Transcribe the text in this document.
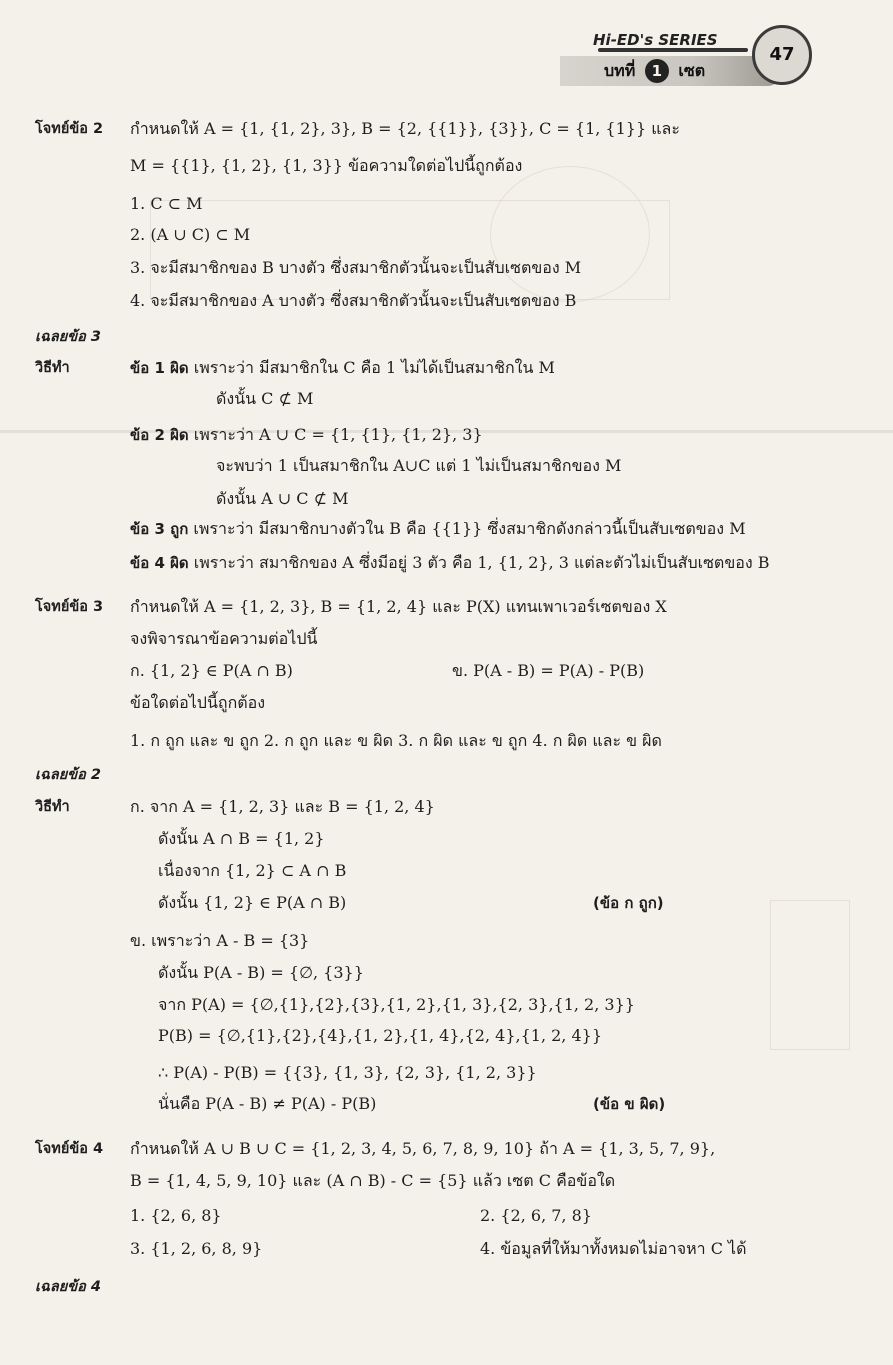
Hi-ED's SERIES
บทที่ 1 เซต
47
โจทย์ข้อ 2 กำหนดให้ A = {1, {1, 2}, 3}, B = {2, {{1}}, {3}}, C = {1, {1}} และ
M = {{1}, {1, 2}, {1, 3}} ข้อความใดต่อไปนี้ถูกต้อง
1. C ⊂ M
2. (A ∪ C) ⊂ M
3. จะมีสมาชิกของ B บางตัว ซึ่งสมาชิกตัวนั้นจะเป็นสับเซตของ M
4. จะมีสมาชิกของ A บางตัว ซึ่งสมาชิกตัวนั้นจะเป็นสับเซตของ B
เฉลยข้อ 3
วิธีทำ	ข้อ 1 ผิด เพราะว่า มีสมาชิกใน C คือ 1 ไม่ได้เป็นสมาชิกใน M
ดังนั้น C ⊄ M
ข้อ 2 ผิด เพราะว่า A ∪ C = {1, {1}, {1, 2}, 3}
จะพบว่า 1 เป็นสมาชิกใน A∪C แต่ 1 ไม่เป็นสมาชิกของ M
ดังนั้น A ∪ C ⊄ M
ข้อ 3 ถูก เพราะว่า มีสมาชิกบางตัวใน B คือ {{1}} ซึ่งสมาชิกดังกล่าวนี้เป็นสับเซตของ M
ข้อ 4 ผิด เพราะว่า สมาชิกของ A ซึ่งมีอยู่ 3 ตัว คือ 1, {1, 2}, 3 แต่ละตัวไม่เป็นสับเซตของ B
โจทย์ข้อ 3 กำหนดให้ A = {1, 2, 3}, B = {1, 2, 4} และ P(X) แทนเพาเวอร์เซตของ X
จงพิจารณาข้อความต่อไปนี้
ก. {1, 2} ∈ P(A ∩ B)	ข. P(A - B) = P(A) - P(B)
ข้อใดต่อไปนี้ถูกต้อง
1. ก ถูก และ ข ถูก 2. ก ถูก และ ข ผิด 3. ก ผิด และ ข ถูก 4. ก ผิด และ ข ผิด
เฉลยข้อ 2
วิธีทำ	ก. จาก A = {1, 2, 3} และ B = {1, 2, 4}
ดังนั้น A ∩ B = {1, 2}
เนื่องจาก {1, 2} ⊂ A ∩ B
ดังนั้น {1, 2} ∈ P(A ∩ B)	(ข้อ ก ถูก)
ข. เพราะว่า A - B = {3}
ดังนั้น P(A - B) = {∅, {3}}
จาก P(A) = {∅,{1},{2},{3},{1, 2},{1, 3},{2, 3},{1, 2, 3}}
P(B) = {∅,{1},{2},{4},{1, 2},{1, 4},{2, 4},{1, 2, 4}}
∴ P(A) - P(B) = {{3}, {1, 3}, {2, 3}, {1, 2, 3}}
นั่นคือ P(A - B) ≠ P(A) - P(B)	(ข้อ ข ผิด)
โจทย์ข้อ 4 กำหนดให้ A ∪ B ∪ C = {1, 2, 3, 4, 5, 6, 7, 8, 9, 10} ถ้า A = {1, 3, 5, 7, 9},
B = {1, 4, 5, 9, 10} และ (A ∩ B) - C = {5} แล้ว เซต C คือข้อใด
1. {2, 6, 8}	2. {2, 6, 7, 8}
3. {1, 2, 6, 8, 9}	4. ข้อมูลที่ให้มาทั้งหมดไม่อาจหา C ได้
เฉลยข้อ 4
